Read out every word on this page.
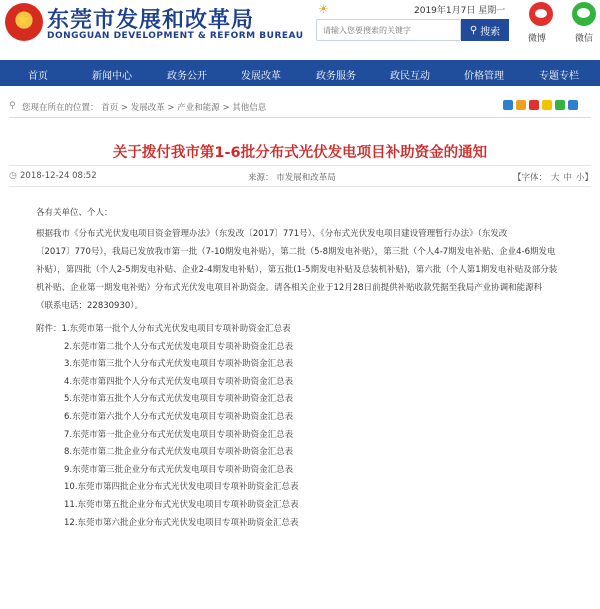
★
东莞市发展和改革局
DONGGUAN DEVELOPMENT & REFORM BUREAU
☀	2019年1月7日 星期一
请输入您要搜索的关键字
⚲ 搜索
微博	微信
首页	新闻中心	政务公开	发展改革	政务服务	政民互动	价格管理	专题专栏
⚲ 您现在所在的位置： 首页 > 发展改革 > 产业和能源 > 其他信息
关于拨付我市第1-6批分布式光伏发电项目补助资金的通知
◷ 2018-12-24 08:52	来源： 市发展和改革局	【字体： 大 中 小】
各有关单位、个人：
根据我市《分布式光伏发电项目资金管理办法》（东发改〔2017〕771号）、《分布式光伏发电项目建设管理暂行办法》（东发改
〔2017〕770号），我局已发放我市第一批（7-10期发电补贴），第二批（5-8期发电补贴），第三批（个人4-7期发电补贴、企业4-6期发电
补贴），第四批（个人2-5期发电补贴、企业2-4期发电补贴），第五批(1-5期发电补贴及总装机补贴)，第六批（个人第1期发电补贴及部分装
机补贴、企业第一期发电补贴）分布式光伏发电项目补助资金。请各相关企业于12月28日前提供补贴收款凭据至我局产业协调和能源科
（联系电话：22830930）。
附件：1.东莞市第一批个人分布式光伏发电项目专项补助资金汇总表
2.东莞市第二批个人分布式光伏发电项目专项补助资金汇总表
3.东莞市第三批个人分布式光伏发电项目专项补助资金汇总表
4.东莞市第四批个人分布式光伏发电项目专项补助资金汇总表
5.东莞市第五批个人分布式光伏发电项目专项补助资金汇总表
6.东莞市第六批个人分布式光伏发电项目专项补助资金汇总表
7.东莞市第一批企业分布式光伏发电项目专项补助资金汇总表
8.东莞市第二批企业分布式光伏发电项目专项补助资金汇总表
9.东莞市第三批企业分布式光伏发电项目专项补助资金汇总表
10.东莞市第四批企业分布式光伏发电项目专项补助资金汇总表
11.东莞市第五批企业分布式光伏发电项目专项补助资金汇总表
12.东莞市第六批企业分布式光伏发电项目专项补助资金汇总表
